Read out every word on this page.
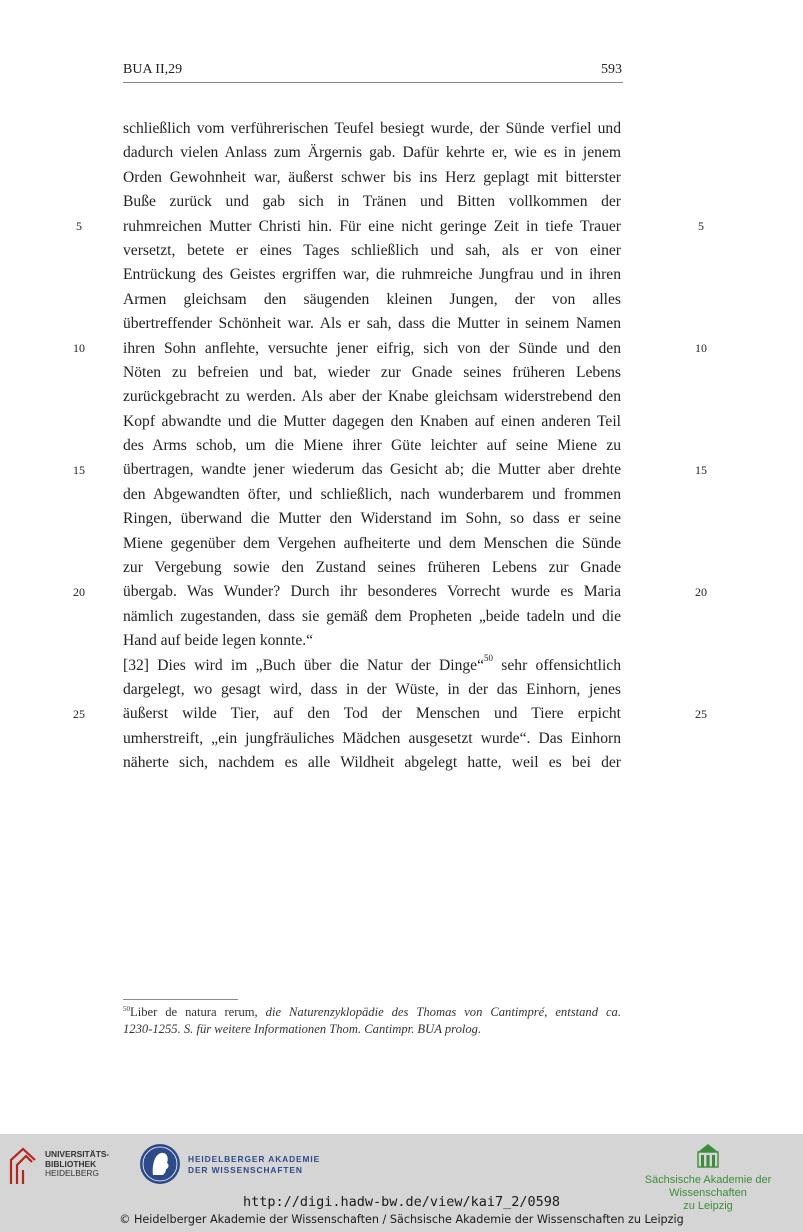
BUA II,29	593
schließlich vom verführerischen Teufel besiegt wurde, der Sünde verfiel und
dadurch vielen Anlass zum Ärgernis gab. Dafür kehrte er, wie es in jenem
Orden Gewohnheit war, äußerst schwer bis ins Herz geplagt mit bitterster
Buße zurück und gab sich in Tränen und Bitten vollkommen der
ruhmreichen Mutter Christi hin. Für eine nicht geringe Zeit in tiefe Trauer
versetzt, betete er eines Tages schließlich und sah, als er von einer
Entrückung des Geistes ergriffen war, die ruhmreiche Jungfrau und in ihren
Armen gleichsam den säugenden kleinen Jungen, der von alles
übertreffender Schönheit war. Als er sah, dass die Mutter in seinem Namen
ihren Sohn anflehte, versuchte jener eifrig, sich von der Sünde und den
Nöten zu befreien und bat, wieder zur Gnade seines früheren Lebens
zurückgebracht zu werden. Als aber der Knabe gleichsam widerstrebend den
Kopf abwandte und die Mutter dagegen den Knaben auf einen anderen Teil
des Arms schob, um die Miene ihrer Güte leichter auf seine Miene zu
übertragen, wandte jener wiederum das Gesicht ab; die Mutter aber drehte
den Abgewandten öfter, und schließlich, nach wunderbarem und frommen
Ringen, überwand die Mutter den Widerstand im Sohn, so dass er seine
Miene gegenüber dem Vergehen aufheiterte und dem Menschen die Sünde
zur Vergebung sowie den Zustand seines früheren Lebens zur Gnade
übergab. Was Wunder? Durch ihr besonderes Vorrecht wurde es Maria
nämlich zugestanden, dass sie gemäß dem Propheten „beide tadeln und die
Hand auf beide legen konnte.“
[32] Dies wird im „Buch über die Natur der Dinge“$^{50}$ sehr offensichtlich
dargelegt, wo gesagt wird, dass in der Wüste, in der das Einhorn, jenes
äußerst wilde Tier, auf den Tod der Menschen und Tiere erpicht
umherstreift, „ein jungfräuliches Mädchen ausgesetzt wurde“. Das Einhorn
näherte sich, nachdem es alle Wildheit abgelegt hatte, weil es bei der
5	5
10	10
15	15
20	20
25	25
$^{50}$Liber de natura rerum, die Naturenzyklopädie des Thomas von Cantimpré, entstand ca.
1230-1255. S. für weitere Informationen Thom. Cantimpr. BUA prolog.
UNIVERSITÄTS-
BIBLIOTHEK
HEIDELBERG
HEIDELBERGER AKADEMIE
DER WISSENSCHAFTEN
Sächsische Akademie der Wissenschaften
zu Leipzig
http://digi.hadw-bw.de/view/kai7_2/0598
© Heidelberger Akademie der Wissenschaften / Sächsische Akademie der Wissenschaften zu Leipzig
